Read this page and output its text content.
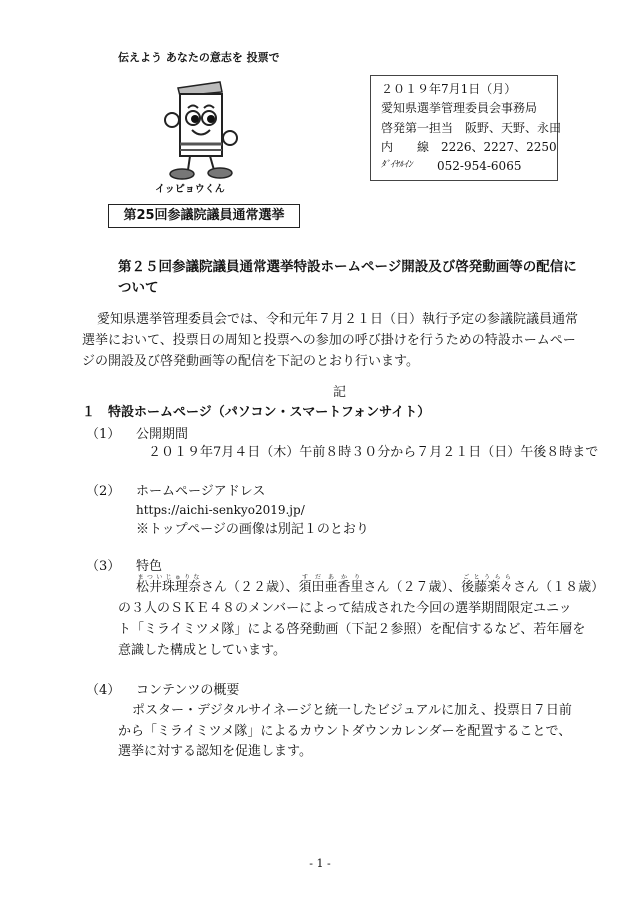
伝えよう あなたの意志を 投票で
イッピョウくん
第25回参議院議員通常選挙
２０１９年7月1日（月）
愛知県選挙管理委員会事務局
啓発第一担当　阪野、天野、永田
内　　線　2226、2227、2250
ﾀﾞｲﾔﾙｲﾝ 052-954-6065
第２５回参議院議員通常選挙特設ホームページ開設及び啓発動画等の配信に
ついて
愛知県選挙管理委員会では、令和元年７月２１日（日）執行予定の参議院議員通常
選挙において、投票日の周知と投票への参加の呼び掛けを行うための特設ホームペー
ジの開設及び啓発動画等の配信を下記のとおり行います。
記
１　特設ホームページ（パソコン・スマートフォンサイト）
（1） 公開期間
２０１９年7月４日（木）午前８時３０分から７月２１日（日）午後８時まで
（2） ホームページアドレス
https://aichi-senkyo2019.jp/
※トップページの画像は別記１のとおり
（3） 特色
松井珠理奈まついじゅりなさん（２２歳）、須田亜香里すだあかりさん（２７歳）、後藤楽々ごとうららさん（１８歳）
の３人のＳＫＥ４８のメンバーによって結成された今回の選挙期間限定ユニッ
ト「ミライミツメ隊」による啓発動画（下記２参照）を配信するなど、若年層を
意識した構成としています。
（4） コンテンツの概要
ポスター・デジタルサイネージと統一したビジュアルに加え、投票日７日前
から「ミライミツメ隊」によるカウントダウンカレンダーを配置することで、
選挙に対する認知を促進します。
- 1 -
